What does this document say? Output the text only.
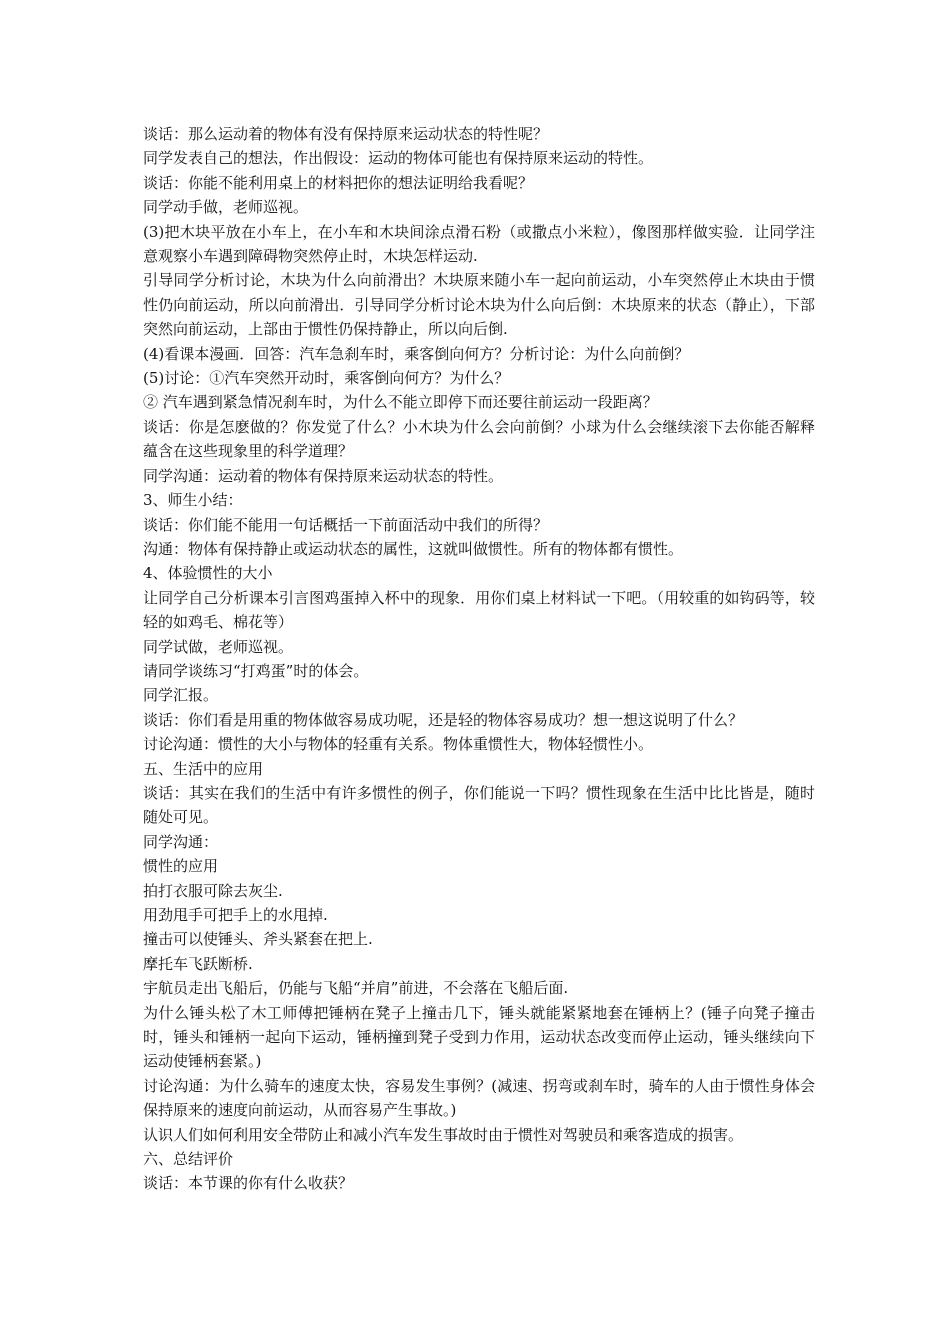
谈话：那么运动着的物体有没有保持原来运动状态的特性呢？

同学发表自己的想法，作出假设：运动的物体可能也有保持原来运动的特性。

谈话：你能不能利用桌上的材料把你的想法证明给我看呢？

同学动手做，老师巡视。

(3)把木块平放在小车上，在小车和木块间涂点滑石粉（或撒点小米粒），像图那样做实验．让同学注意观察小车遇到障碍物突然停止时，木块怎样运动.

引导同学分析讨论，木块为什么向前滑出？木块原来随小车一起向前运动，小车突然停止木块由于惯性仍向前运动，所以向前滑出．引导同学分析讨论木块为什么向后倒：木块原来的状态（静止），下部突然向前运动，上部由于惯性仍保持静止，所以向后倒.

(4)看课本漫画．回答：汽车急刹车时，乘客倒向何方？分析讨论：为什么向前倒？

(5)讨论：①汽车突然开动时，乘客倒向何方？为什么？

② 汽车遇到紧急情况刹车时，为什么不能立即停下而还要往前运动一段距离？

谈话：你是怎麽做的？你发觉了什么？小木块为什么会向前倒？小球为什么会继续滚下去你能否解释蕴含在这些现象里的科学道理？

同学沟通：运动着的物体有保持原来运动状态的特性。

3、师生小结：

谈话：你们能不能用一句话概括一下前面活动中我们的所得？

沟通：物体有保持静止或运动状态的属性，这就叫做惯性。所有的物体都有惯性。

4、体验惯性的大小

让同学自己分析课本引言图鸡蛋掉入杯中的现象．用你们桌上材料试一下吧。（用较重的如钩码等，较轻的如鸡毛、棉花等）

同学试做，老师巡视。

请同学谈练习“打鸡蛋”时的体会。

同学汇报。

谈话：你们看是用重的物体做容易成功呢，还是轻的物体容易成功？想一想这说明了什么？

讨论沟通：惯性的大小与物体的轻重有关系。物体重惯性大，物体轻惯性小。

五、生活中的应用

谈话：其实在我们的生活中有许多惯性的例子，你们能说一下吗？惯性现象在生活中比比皆是，随时随处可见。

同学沟通：

惯性的应用

拍打衣服可除去灰尘.

用劲甩手可把手上的水甩掉.

撞击可以使锤头、斧头紧套在把上.

摩托车飞跃断桥.

宇航员走出飞船后，仍能与飞船“并肩”前进，不会落在飞船后面.

为什么锤头松了木工师傅把锤柄在凳子上撞击几下，锤头就能紧紧地套在锤柄上？(锤子向凳子撞击时，锤头和锤柄一起向下运动，锤柄撞到凳子受到力作用，运动状态改变而停止运动，锤头继续向下运动使锤柄套紧。)

讨论沟通：为什么骑车的速度太快，容易发生事例？(减速、拐弯或刹车时，骑车的人由于惯性身体会保持原来的速度向前运动，从而容易产生事故。)

认识人们如何利用安全带防止和减小汽车发生事故时由于惯性对驾驶员和乘客造成的损害。

六、总结评价

谈话：本节课的你有什么收获？
